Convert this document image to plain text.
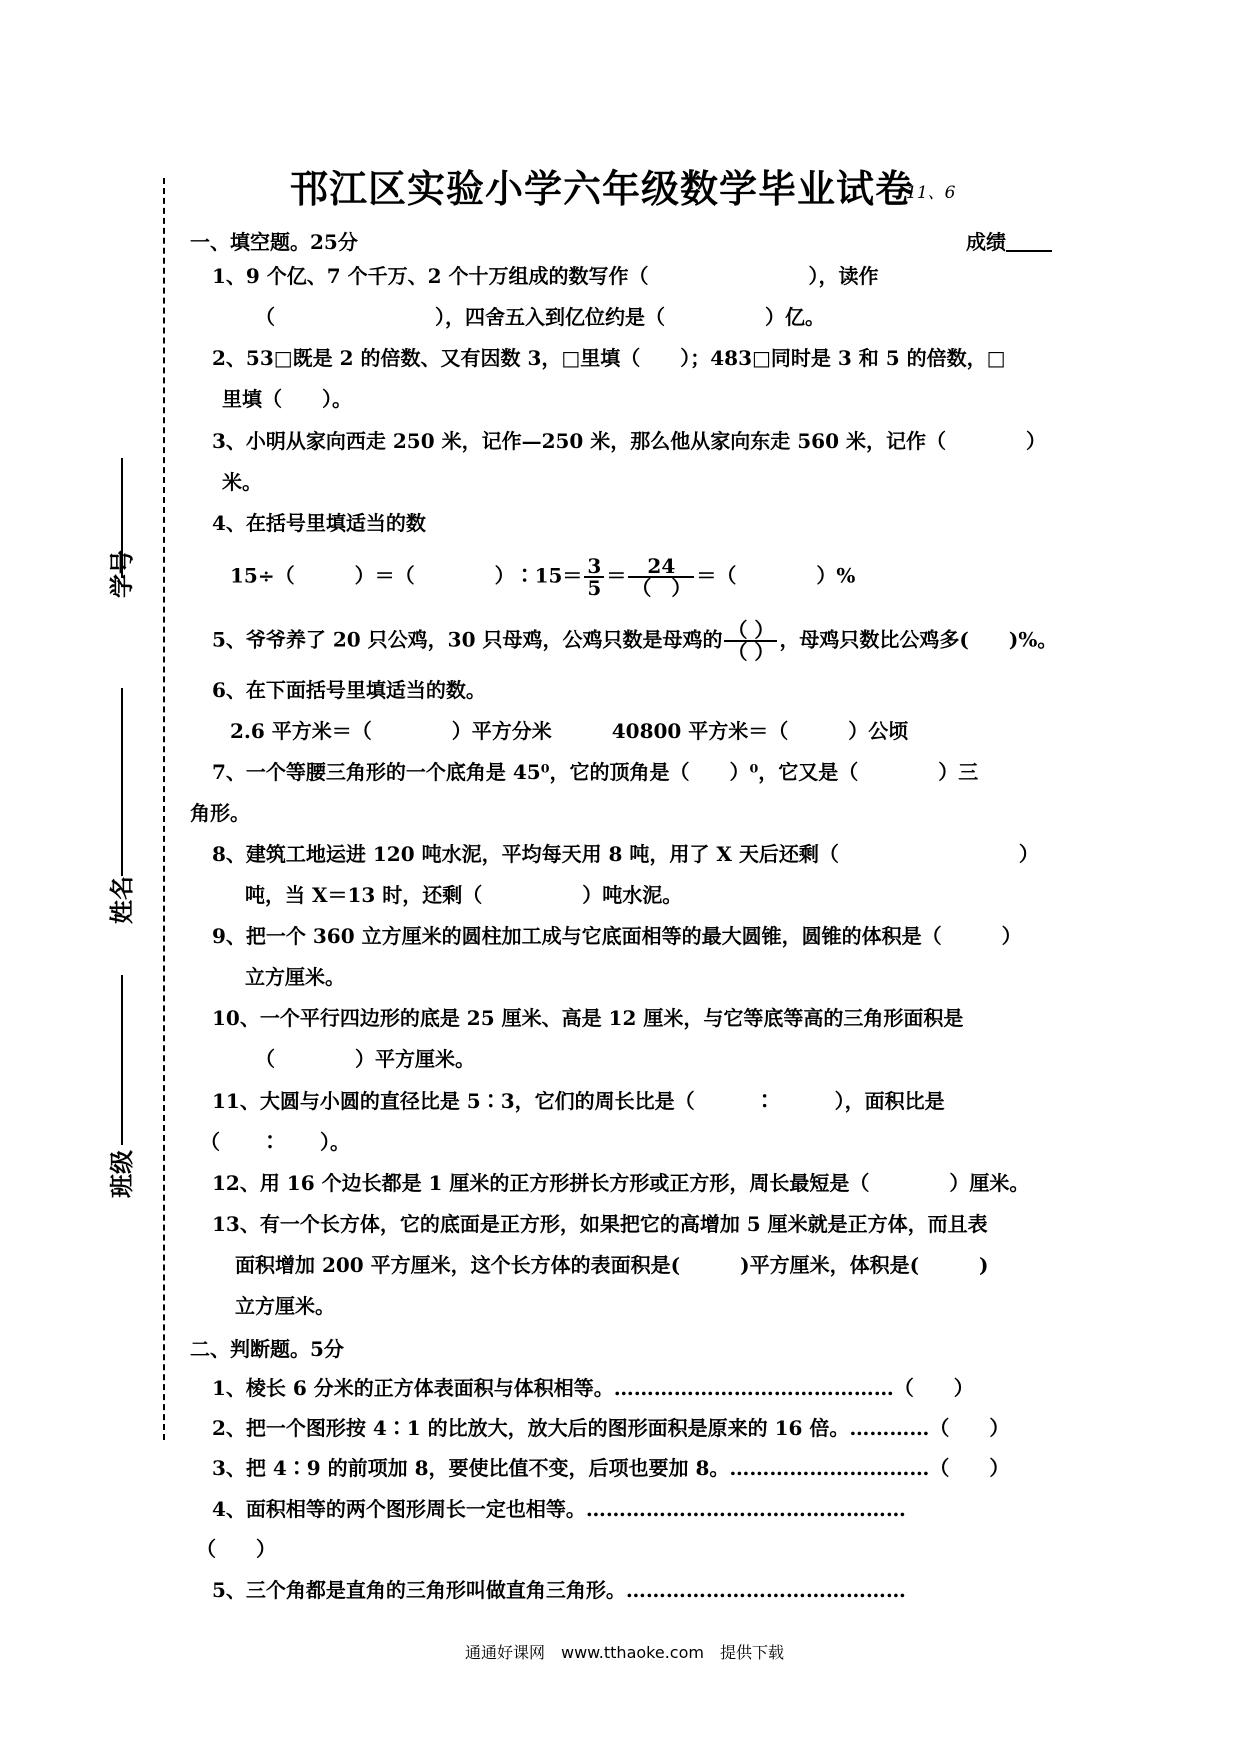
邗江区实验小学六年级数学毕业试卷
11、6
学号
姓名
班级
一、填空题。25分	成绩
1、9 个亿、7 个千万、2 个十万组成的数写作（　　　　　　　　），读作
（　　　　　　　　），四舍五入到亿位约是（　　　　　）亿。
2、53□既是 2 的倍数、又有因数 3，□里填（　　）；483□同时是 3 和 5 的倍数，□
里填（　　）。
3、小明从家向西走 250 米，记作—250 米，那么他从家向东走 560 米，记作（　　　　）
米。
4、在括号里填适当的数
15÷（　　　）＝（　　　　）∶15＝ $\frac{3}{5} = \frac{24}{( )}$ ＝（　　　　）%
5、爷爷养了 20 只公鸡，30 只母鸡，公鸡只数是母鸡的 $\frac{( )}{( )}$ ，母鸡只数比公鸡多(　　)%。
6、在下面括号里填适当的数。
2.6 平方米＝（　　　　）平方分米　　　40800 平方米＝（　　　）公顷
7、一个等腰三角形的一个底角是 45⁰，它的顶角是（　　）⁰，它又是（　　　　）三
角形。
8、建筑工地运进 120 吨水泥，平均每天用 8 吨，用了 X 天后还剩（　　　　　　　　　）
吨，当 X＝13 时，还剩（　　　　　）吨水泥。
9、把一个 360 立方厘米的圆柱加工成与它底面相等的最大圆锥，圆锥的体积是（　　　）
立方厘米。
10、一个平行四边形的底是 25 厘米、高是 12 厘米，与它等底等高的三角形面积是
（　　　　）平方厘米。
11、大圆与小圆的直径比是 5∶3，它们的周长比是（　　　∶　　　），面积比是
（　　∶　　）。
12、用 16 个边长都是 1 厘米的正方形拼长方形或正方形，周长最短是（　　　　）厘米。
13、有一个长方体，它的底面是正方形，如果把它的高增加 5 厘米就是正方体，而且表
面积增加 200 平方厘米，这个长方体的表面积是(　　　)平方厘米，体积是(　　　)
立方厘米。
二、判断题。5分
1、棱长 6 分米的正方体表面积与体积相等。……………………………………（　　）
2、把一个图形按 4∶1 的比放大，放大后的图形面积是原来的 16 倍。…………（　　）
3、把 4∶9 的前项加 8，要使比值不变，后项也要加 8。…………………………（　　）
4、面积相等的两个图形周长一定也相等。…………………………………………
（　　）
5、三个角都是直角的三角形叫做直角三角形。……………………………………
通通好课网　www.tthaoke.com　提供下载
